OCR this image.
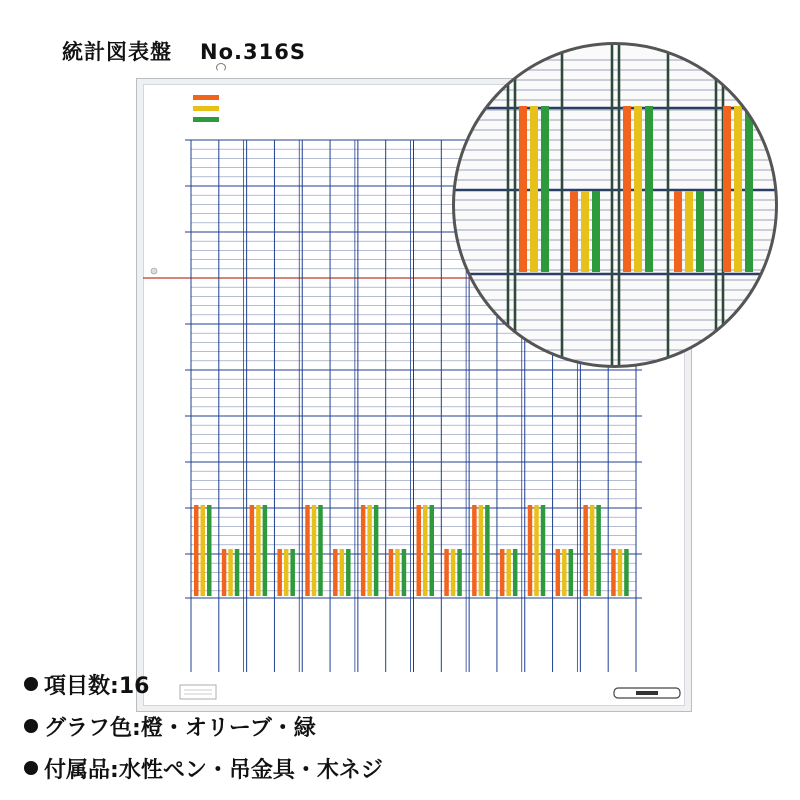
統計図表盤 No.316S
項目数:16
グラフ色:橙・オリーブ・緑
付属品:水性ペン・吊金具・木ネジ
